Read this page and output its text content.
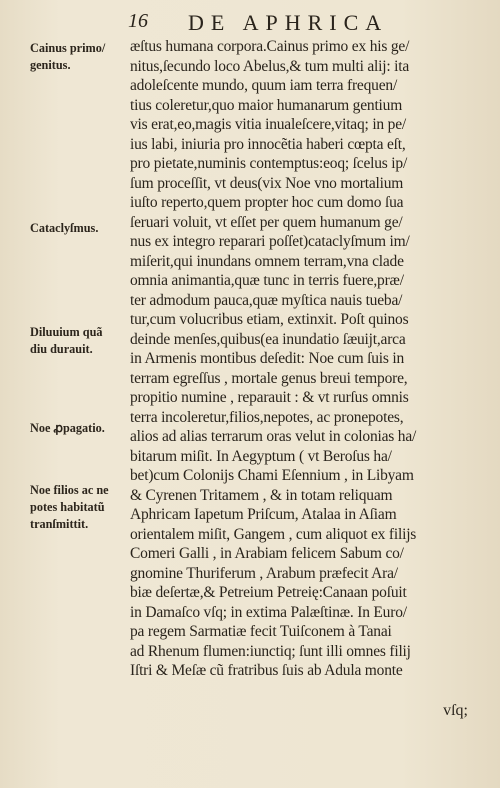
16 DE APHRICA
Cainus primo/
genitus.
Cataclyſmus.
Diluuium quã
diu durauit.
Noe ꝓpagatio.
Noe filios ac ne
potes habitatũ
tranſmittit.
æſtus humana corpora.Cainus primo ex his ge/
nitus,ſecundo loco Abelus,& tum multi alij: ita
adoleſcente mundo, quum iam terra frequen/
tius coleretur,quo maior humanarum gentium
vis erat,eo,magis vitia inualeſcere,vitaq; in pe/
ius labi, iniuria pro innocẽtia haberi cœpta eſt,
pro pietate,numinis contemptus:eoq; ſcelus ip/
ſum proceſſit, vt deus(vix Noe vno mortalium
iuſto reperto,quem propter hoc cum domo ſua
ſeruari voluit, vt eſſet per quem humanum ge/
nus ex integro reparari poſſet)cataclyſmum im/
miſerit,qui inundans omnem terram,vna clade
omnia animantia,quæ tunc in terris fuere,præ/
ter admodum pauca,quæ myſtica nauis tueba/
tur,cum volucribus etiam, extinxit. Poſt quinos
deinde menſes,quibus(ea inundatio ſæuijt,arca
in Armenis montibus deſedit: Noe cum ſuis in
terram egreſſus , mortale genus breui tempore,
propitio numine , reparauit : & vt rurſus omnis
terra incoleretur,filios,nepotes, ac pronepotes,
alios ad alias terrarum oras velut in colonias ha/
bitarum miſit. In Aegyptum ( vt Beroſus ha/
bet)cum Colonijs Chami Eſennium , in Libyam
& Cyrenen Tritamem , & in totam reliquam
Aphricam Iapetum Priſcum, Atalaa in Aſiam
orientalem miſit, Gangem , cum aliquot ex filijs
Comeri Galli , in Arabiam felicem Sabum co/
gnomine Thuriferum , Arabum præfecit Ara/
biæ deſertæ,& Petreium Petreię:Canaan poſuit
in Damaſco vſq; in extima Palæſtinæ. In Euro/
pa regem Sarmatiæ fecit Tuiſconem à Tanai
ad Rhenum flumen:iunctiq; ſunt illi omnes filij
Iſtri & Meſæ cũ fratribus ſuis ab Adula monte
vſq;
